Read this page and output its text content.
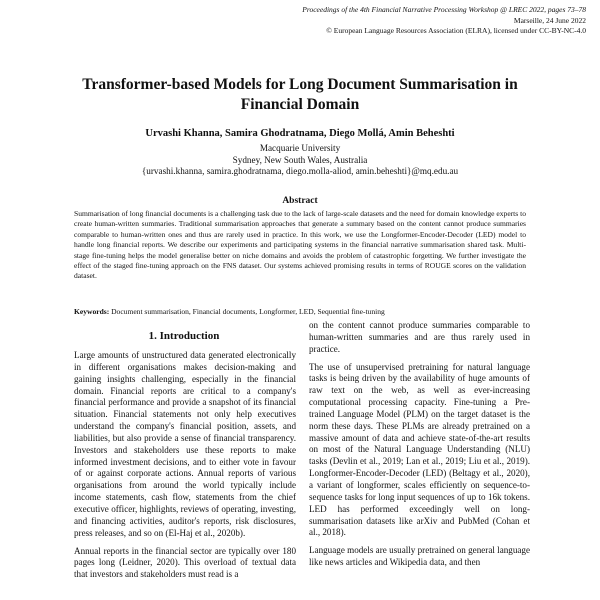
Proceedings of the 4th Financial Narrative Processing Workshop @ LREC 2022, pages 73–78
Marseille, 24 June 2022
© European Language Resources Association (ELRA), licensed under CC-BY-NC-4.0
Transformer-based Models for Long Document Summarisation in Financial Domain
Urvashi Khanna, Samira Ghodratnama, Diego Mollá, Amin Beheshti
Macquarie University
Sydney, New South Wales, Australia
{urvashi.khanna, samira.ghodratnama, diego.molla-aliod, amin.beheshti}@mq.edu.au
Abstract
Summarisation of long financial documents is a challenging task due to the lack of large-scale datasets and the need for domain knowledge experts to create human-written summaries. Traditional summarisation approaches that generate a summary based on the content cannot produce summaries comparable to human-written ones and thus are rarely used in practice. In this work, we use the Longformer-Encoder-Decoder (LED) model to handle long financial reports. We describe our experiments and participating systems in the financial narrative summarisation shared task. Multi-stage fine-tuning helps the model generalise better on niche domains and avoids the problem of catastrophic forgetting. We further investigate the effect of the staged fine-tuning approach on the FNS dataset. Our systems achieved promising results in terms of ROUGE scores on the validation dataset.
Keywords: Document summarisation, Financial documents, Longformer, LED, Sequential fine-tuning
1. Introduction

Large amounts of unstructured data generated electronically in different organisations makes decision-making and gaining insights challenging, especially in the financial domain. Financial reports are critical to a company's financial performance and provide a snapshot of its financial situation. Financial statements not only help executives understand the company's financial position, assets, and liabilities, but also provide a sense of financial transparency. Investors and stakeholders use these reports to make informed investment decisions, and to either vote in favour of or against corporate actions. Annual reports of various organisations from around the world typically include income statements, cash flow, statements from the chief executive officer, highlights, reviews of operating, investing, and financing activities, auditor's reports, risk disclosures, press releases, and so on (El-Haj et al., 2020b).

Annual reports in the financial sector are typically over 180 pages long (Leidner, 2020). This overload of textual data that investors and stakeholders must read is a

on the content cannot produce summaries comparable to human-written summaries and are thus rarely used in practice.

The use of unsupervised pretraining for natural language tasks is being driven by the availability of huge amounts of raw text on the web, as well as ever-increasing computational processing capacity. Fine-tuning a Pre-trained Language Model (PLM) on the target dataset is the norm these days. These PLMs are already pretrained on a massive amount of data and achieve state-of-the-art results on most of the Natural Language Understanding (NLU) tasks (Devlin et al., 2019; Lan et al., 2019; Liu et al., 2019). Longformer-Encoder-Decoder (LED) (Beltagy et al., 2020), a variant of longformer, scales efficiently on sequence-to-sequence tasks for long input sequences of up to 16k tokens. LED has performed exceedingly well on long-summarisation datasets like arXiv and PubMed (Cohan et al., 2018).

Language models are usually pretrained on general language like news articles and Wikipedia data, and then
